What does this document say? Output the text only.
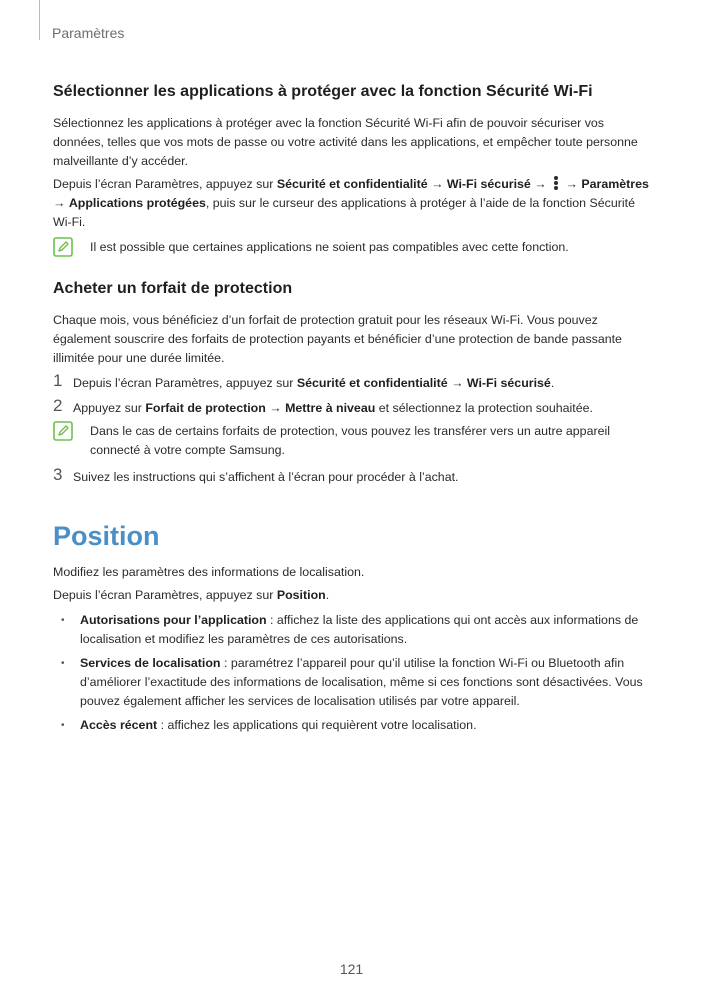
Paramètres
Sélectionner les applications à protéger avec la fonction Sécurité Wi-Fi

Sélectionnez les applications à protéger avec la fonction Sécurité Wi-Fi afin de pouvoir sécuriser vos données, telles que vos mots de passe ou votre activité dans les applications, et empêcher toute personne malveillante d’y accéder.

Depuis l’écran Paramètres, appuyez sur Sécurité et confidentialité → Wi-Fi sécurisé →
→ Paramètres → Applications protégées, puis sur le curseur des applications à protéger à l’aide de la fonction Sécurité Wi-Fi.

Il est possible que certaines applications ne soient pas compatibles avec cette fonction.
Acheter un forfait de protection

Chaque mois, vous bénéficiez d’un forfait de protection gratuit pour les réseaux Wi-Fi. Vous pouvez également souscrire des forfaits de protection payants et bénéficier d’une protection de bande passante illimitée pour une durée limitée.

1 Depuis l’écran Paramètres, appuyez sur Sécurité et confidentialité → Wi-Fi sécurisé.
2 Appuyez sur Forfait de protection → Mettre à niveau et sélectionnez la protection souhaitée.
Dans le cas de certains forfaits de protection, vous pouvez les transférer vers un autre appareil connecté à votre compte Samsung.
3 Suivez les instructions qui s’affichent à l’écran pour procéder à l’achat.
Position

Modifiez les paramètres des informations de localisation.

Depuis l’écran Paramètres, appuyez sur Position.

• Autorisations pour l’application : affichez la liste des applications qui ont accès aux informations de localisation et modifiez les paramètres de ces autorisations.
• Services de localisation : paramétrez l’appareil pour qu’il utilise la fonction Wi-Fi ou Bluetooth afin d’améliorer l’exactitude des informations de localisation, même si ces fonctions sont désactivées. Vous pouvez également afficher les services de localisation utilisés par votre appareil.
• Accès récent : affichez les applications qui requièrent votre localisation.
121
